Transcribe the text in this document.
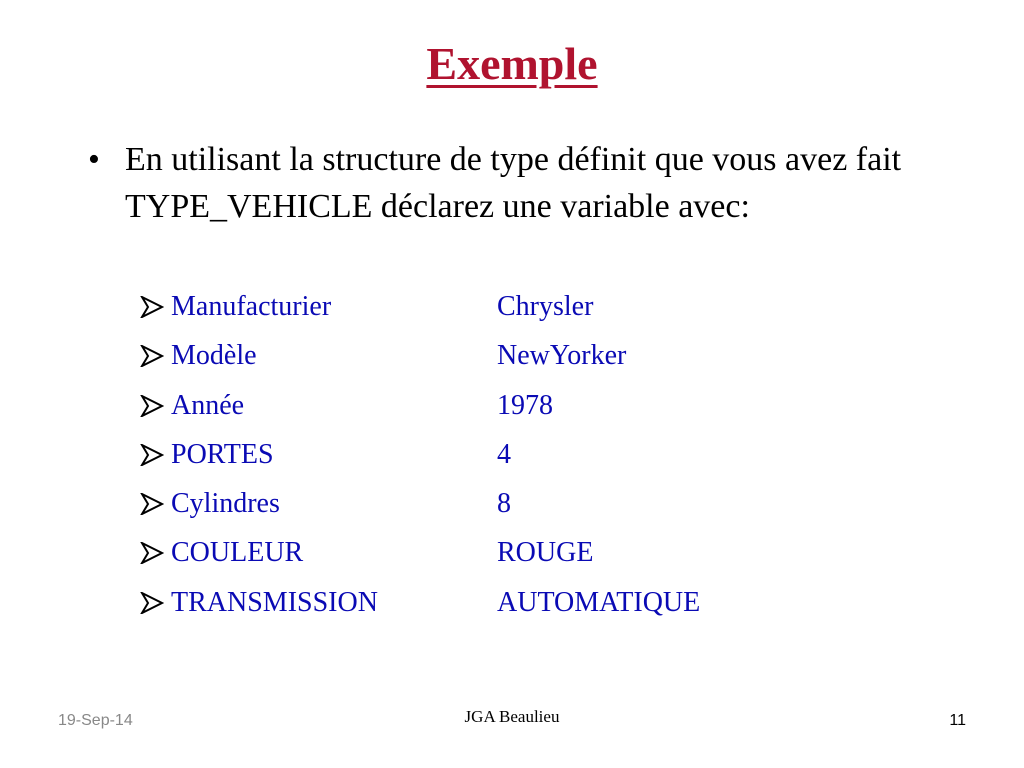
Exemple
• En utilisant la structure de type définit que vous avez fait TYPE_VEHICLE déclarez une variable avec:
Manufacturier	Chrysler
Modèle	NewYorker
Année	1978
PORTES	4
Cylindres	8
COULEUR	ROUGE
TRANSMISSION	AUTOMATIQUE
19-Sep-14	JGA Beaulieu	11
